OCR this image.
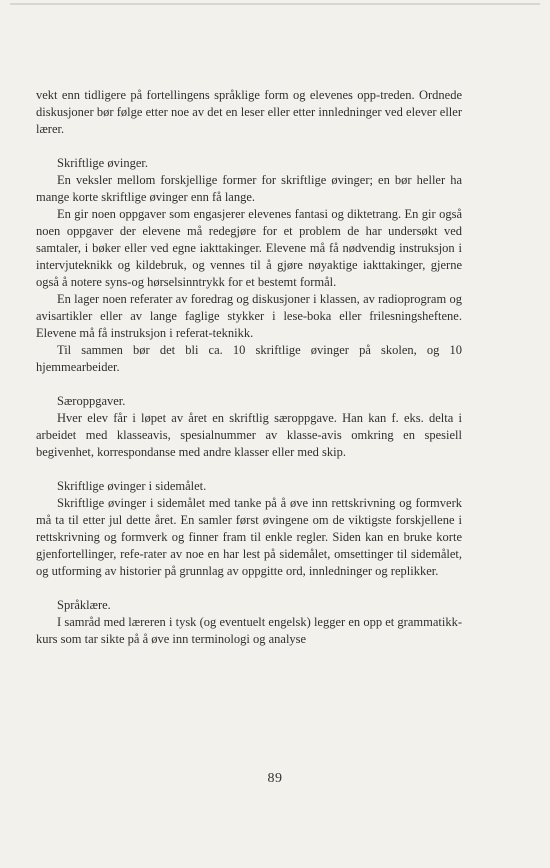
vekt enn tidligere på fortellingens språklige form og elevenes opp-treden. Ordnede diskusjoner bør følge etter noe av det en leser eller etter innledninger ved elever eller lærer.

Skriftlige øvinger.

En veksler mellom forskjellige former for skriftlige øvinger; en bør heller ha mange korte skriftlige øvinger enn få lange.

En gir noen oppgaver som engasjerer elevenes fantasi og diktetrang. En gir også noen oppgaver der elevene må redegjøre for et problem de har undersøkt ved samtaler, i bøker eller ved egne iakttakinger. Elevene må få nødvendig instruksjon i intervjuteknikk og kildebruk, og vennes til å gjøre nøyaktige iakttakinger, gjerne også å notere syns-og hørselsinntrykk for et bestemt formål.

En lager noen referater av foredrag og diskusjoner i klassen, av radioprogram og avisartikler eller av lange faglige stykker i lese-boka eller frilesningsheftene. Elevene må få instruksjon i referat-teknikk.

Til sammen bør det bli ca. 10 skriftlige øvinger på skolen, og 10 hjemmearbeider.

Særoppgaver.

Hver elev får i løpet av året en skriftlig særoppgave. Han kan f. eks. delta i arbeidet med klasseavis, spesialnummer av klasse-avis omkring en spesiell begivenhet, korrespondanse med andre klasser eller med skip.

Skriftlige øvinger i sidemålet.

Skriftlige øvinger i sidemålet med tanke på å øve inn rettskrivning og formverk må ta til etter jul dette året. En samler først øvingene om de viktigste forskjellene i rettskrivning og formverk og finner fram til enkle regler. Siden kan en bruke korte gjenfortellinger, refe-rater av noe en har lest på sidemålet, omsettinger til sidemålet, og utforming av historier på grunnlag av oppgitte ord, innledninger og replikker.

Språklære.

I samråd med læreren i tysk (og eventuelt engelsk) legger en opp et grammatikk-kurs som tar sikte på å øve inn terminologi og analyse

89
